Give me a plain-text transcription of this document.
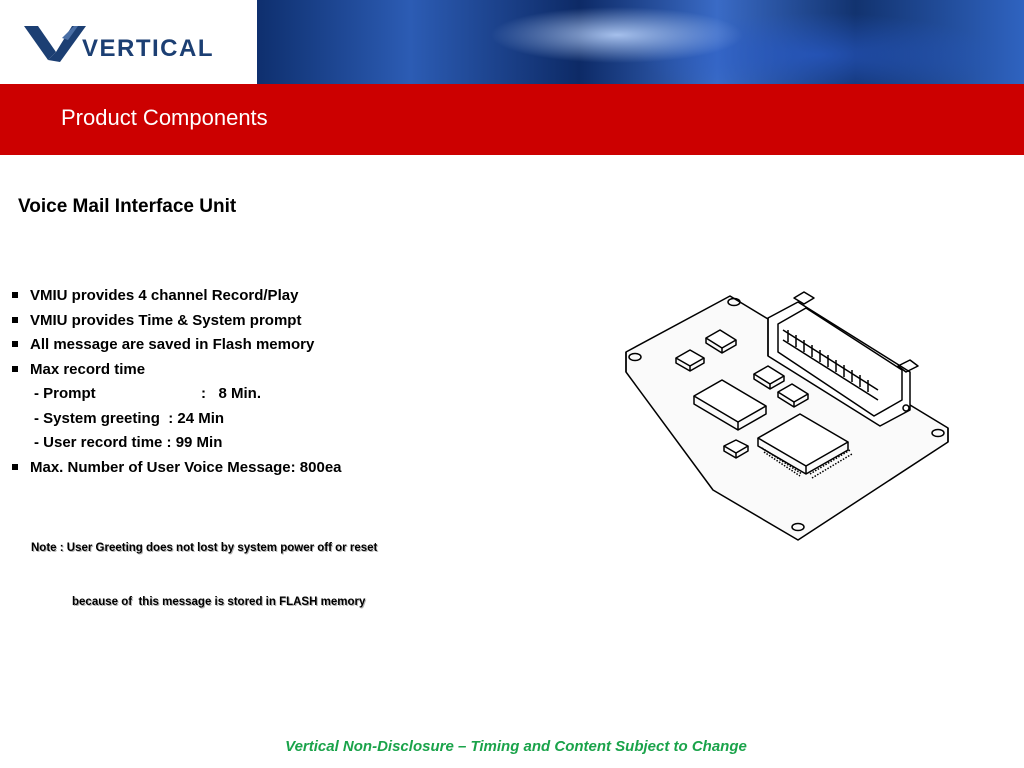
VERTICAL
Product Components
Voice Mail Interface Unit

VMIU provides 4 channel Record/Play

VMIU provides Time & System prompt

All message are saved in Flash memory

Max record time

- Prompt

	:   8 Min.

- System greeting  : 24 Min

- User record time : 99 Min

Max. Number of User Voice Message: 800ea

Note : User Greeting does not lost by system power off or reset

because of  this message is stored in FLASH memory

Vertical Non-Disclosure – Timing and Content Subject to Change
